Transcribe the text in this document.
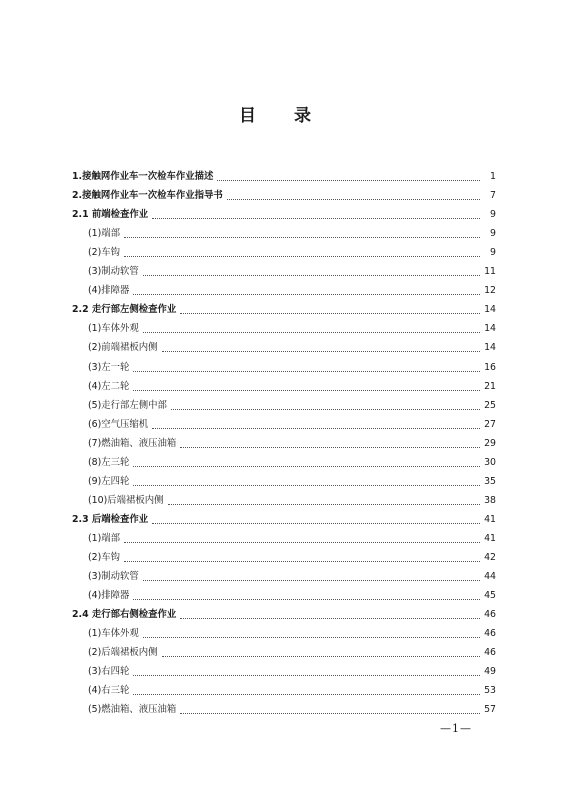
目 录
1.接触网作业车一次检车作业描述	1
2.接触网作业车一次检车作业指导书	7
2.1 前端检查作业	9
(1)端部	9
(2)车钩	9
(3)制动软管	11
(4)排障器	12
2.2 走行部左侧检查作业	14
(1)车体外观	14
(2)前端裙板内侧	14
(3)左一轮	16
(4)左二轮	21
(5)走行部左侧中部	25
(6)空气压缩机	27
(7)燃油箱、液压油箱	29
(8)左三轮	30
(9)左四轮	35
(10)后端裙板内侧	38
2.3 后端检查作业	41
(1)端部	41
(2)车钩	42
(3)制动软管	44
(4)排障器	45
2.4 走行部右侧检查作业	46
(1)车体外观	46
(2)后端裙板内侧	46
(3)右四轮	49
(4)右三轮	53
(5)燃油箱、液压油箱	57
—1—
